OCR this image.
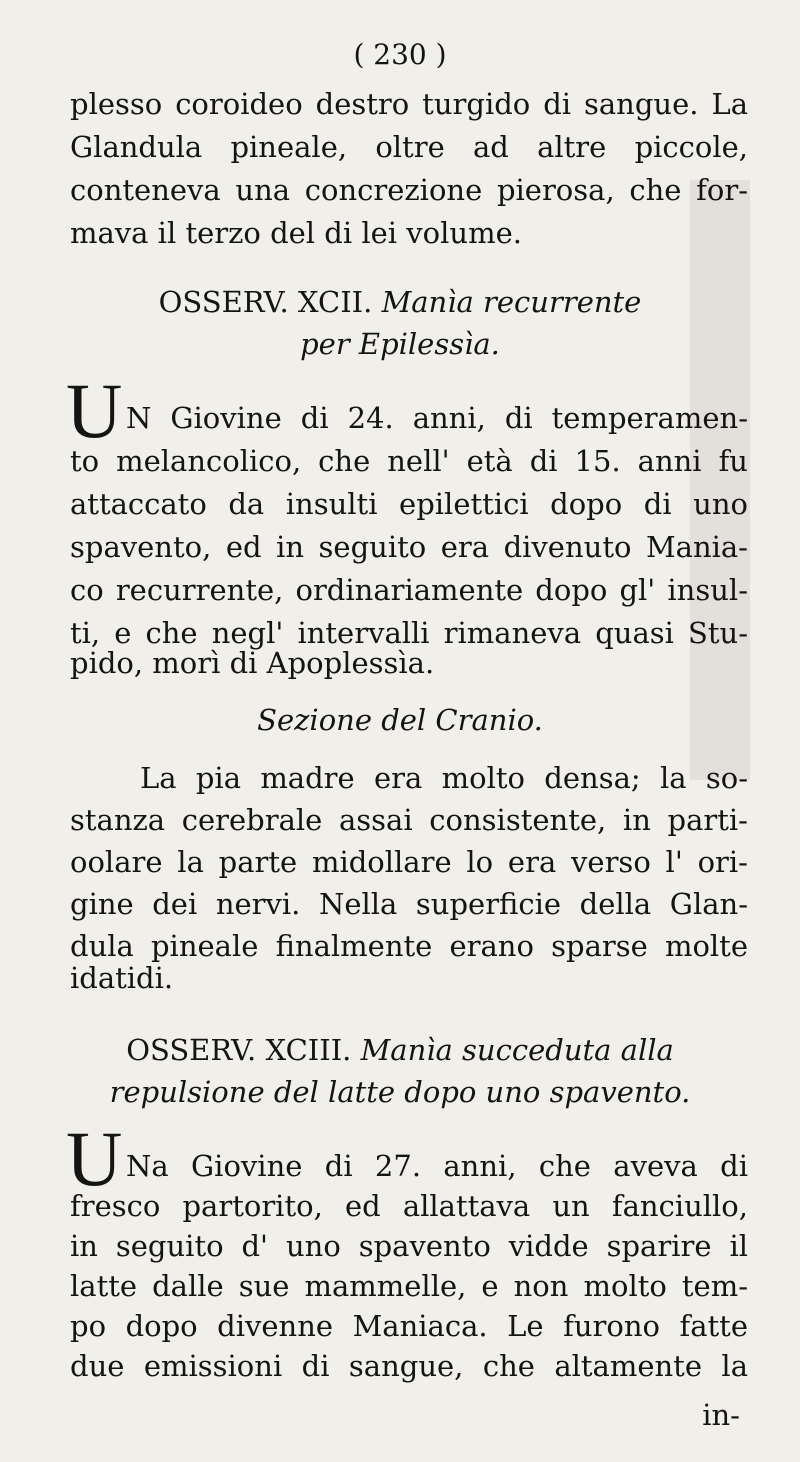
( 230 )
plesso coroideo destro turgido di sangue. La
Glandula pineale, oltre ad altre piccole,
conteneva una concrezione pierosa, che for-
mava il terzo del di lei volume.
OSSERV. XCII. Manìa recurrente
per Epilessìa.
U N Giovine di 24. anni, di temperamen-
to melancolico, che nell' età di 15. anni fu
attaccato da insulti epilettici dopo di uno
spavento, ed in seguito era divenuto Mania-
co recurrente, ordinariamente dopo gl' insul-
ti, e che negl' intervalli rimaneva quasi Stu-
pido, morì di Apoplessìa.
Sezione del Cranio.
La pia madre era molto densa; la so-
stanza cerebrale assai consistente, in parti-
oolare la parte midollare lo era verso l' ori-
gine dei nervi. Nella superficie della Glan-
dula pineale finalmente erano sparse molte
idatidi.
OSSERV. XCIII. Manìa succeduta alla
repulsione del latte dopo uno spavento.
U Na Giovine di 27. anni, che aveva di
fresco partorito, ed allattava un fanciullo,
in seguito d' uno spavento vidde sparire il
latte dalle sue mammelle, e non molto tem-
po dopo divenne Maniaca. Le furono fatte
due emissioni di sangue, che altamente la
in-
